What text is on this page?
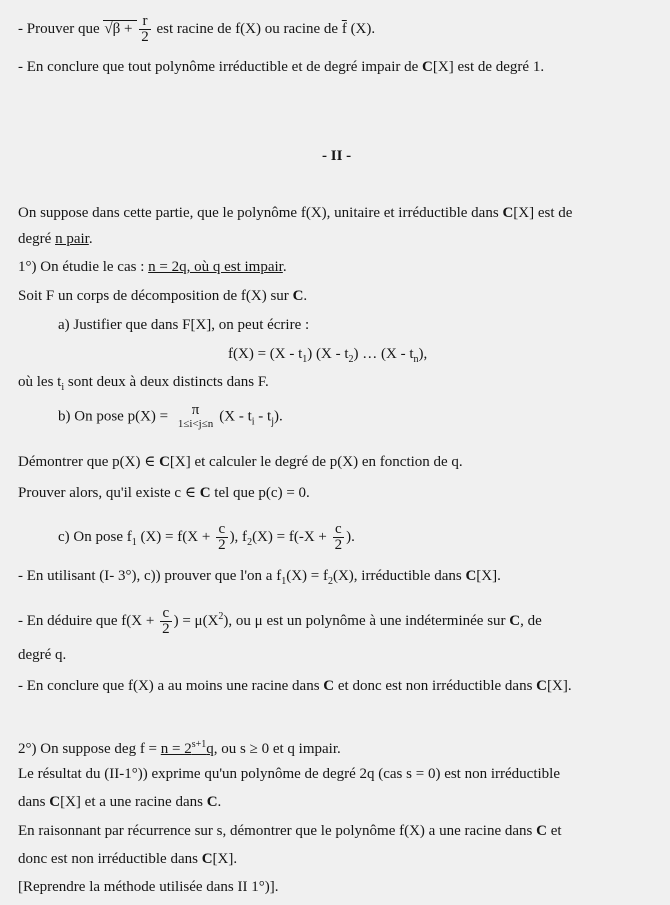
- Prouver que $√\beta + \frac{r}{2}$ est racine de f(X) ou racine de $\overline{f}$ (X).
- En conclure que tout polynôme irréductible et de degré impair de C[X] est de degré 1.
- II -
On suppose dans cette partie, que le polynôme f(X), unitaire et irréductible dans C[X] est de
degré n pair.
1°) On étudie le cas : n = 2q, où q est impair.
Soit F un corps de décomposition de f(X) sur C.
a) Justifier que dans F[X], on peut écrire :
$f(X) = (X - t_1)$ $(X - t_2)$ … $(X - t_n)$,
où les $t_i$ sont deux à deux distincts dans F.
b) On pose p(X) =	π
1≤i<j≤n $(X - t_i - t_j)$.
Démontrer que p(X) ∈ C[X] et calculer le degré de p(X) en fonction de q.
Prouver alors, qu'il existe c ∈ C tel que p(c) = 0.
c) On pose $f_1$ $(X) = f(X + \frac{c}{2}$ ), $f_2(X) = f(-X + \frac{c}{2}$ ).
- En utilisant (I- 3°), c)) prouver que l'on a $f_1(X) = f_2(X)$, irréductible dans C[X].
- En déduire que $f(X + \frac{c}{2}$ ) = $\mu(X^2)$, ou μ est un polynôme à une indéterminée sur C, de
degré q.
- En conclure que f(X) a au moins une racine dans C et donc est non irréductible dans C[X].
2°) On suppose deg $f = n = 2^{s+1}q$, ou s ≥ 0 et q impair.
Le résultat du (II-1°)) exprime qu'un polynôme de degré 2q (cas s = 0) est non irréductible
dans C[X] et a une racine dans C.
En raisonnant par récurrence sur s, démontrer que le polynôme f(X) a une racine dans C et
donc est non irréductible dans C[X].
[Reprendre la méthode utilisée dans II 1°)].
